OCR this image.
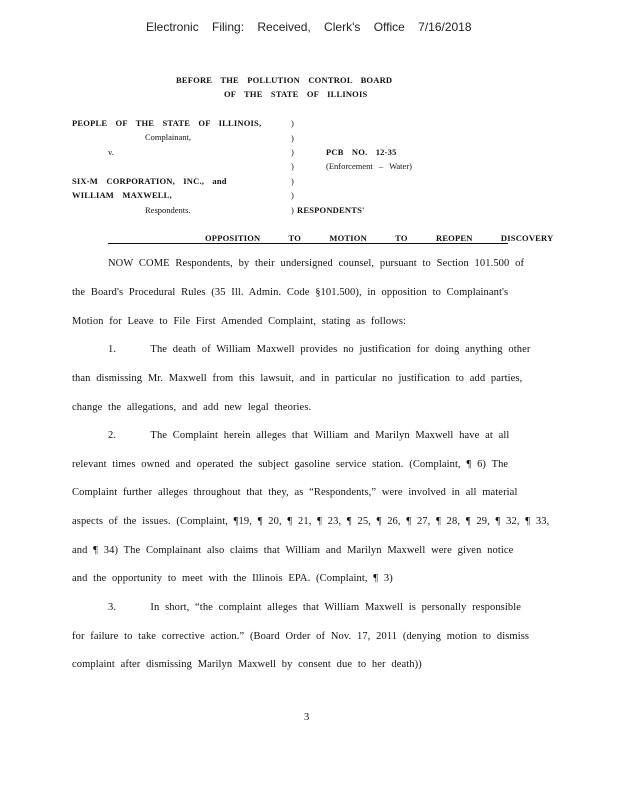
Electronic Filing: Received, Clerk's Office 7/16/2018
BEFORE THE POLLUTION CONTROL BOARD
OF THE STATE OF ILLINOIS
PEOPLE OF THE STATE OF ILLINOIS,
Complainant,
v.
SIX-M CORPORATION, INC., and
WILLIAM MAXWELL,
Respondents.
)
)
)
)
)
)
)
PCB NO. 12-35
(Enforcement – Water)
RESPONDENTS'
OPPOSITION TO MOTION TO REOPEN DISCOVERY
NOW COME Respondents, by their undersigned counsel, pursuant to Section 101.500 of
the Board's Procedural Rules (35 Ill. Admin. Code §101.500), in opposition to Complainant's
Motion for Leave to File First Amended Complaint, stating as follows:
1.      The death of William Maxwell provides no justification for doing anything other
than dismissing Mr. Maxwell from this lawsuit, and in particular no justification to add parties,
change the allegations, and add new legal theories.
2.      The Complaint herein alleges that William and Marilyn Maxwell have at all
relevant times owned and operated the subject gasoline service station. (Complaint, ¶ 6) The
Complaint further alleges throughout that they, as “Respondents,” were involved in all material
aspects of the issues. (Complaint, ¶19, ¶ 20, ¶ 21, ¶ 23, ¶ 25, ¶ 26, ¶ 27, ¶ 28, ¶ 29, ¶ 32, ¶ 33,
and ¶ 34) The Complainant also claims that William and Marilyn Maxwell were given notice
and the opportunity to meet with the Illinois EPA. (Complaint, ¶ 3)
3.      In short, “the complaint alleges that William Maxwell is personally responsible
for failure to take corrective action.” (Board Order of Nov. 17, 2011 (denying motion to dismiss
complaint after dismissing Marilyn Maxwell by consent due to her death))
3
